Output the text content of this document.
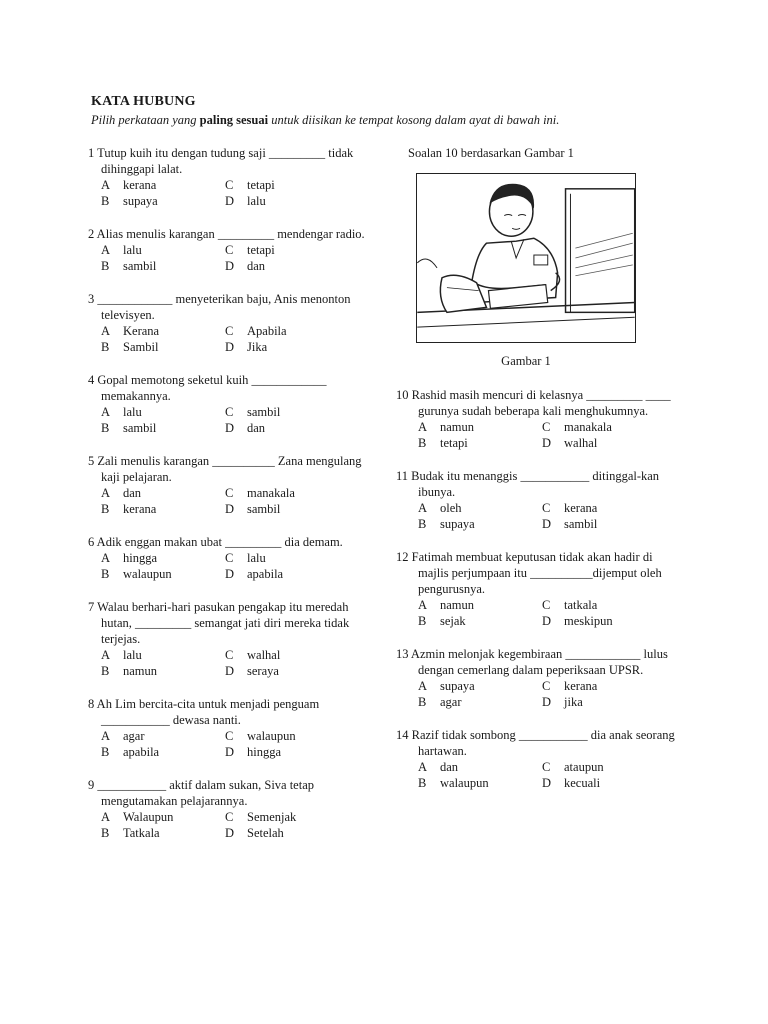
KATA HUBUNG
Pilih perkataan yang paling sesuai untuk diisikan ke tempat kosong dalam ayat di bawah ini.
1 Tutup kuih itu dengan tudung saji _________ tidak dihinggapi lalat.
A kerana	C tetapi
B supaya	D lalu
2 Alias menulis karangan _________ mendengar radio.
A lalu	C tetapi
B sambil	D dan
3 ____________ menyeterikan baju, Anis menonton televisyen.
A Kerana	C Apabila
B Sambil	D Jika
4 Gopal memotong seketul kuih ____________ memakannya.
A lalu	C sambil
B sambil	D dan
5 Zali menulis karangan __________ Zana mengulang kaji pelajaran.
A dan	C manakala
B kerana	D sambil
6 Adik enggan makan ubat _________ dia demam.
A hingga	C lalu
B walaupun	D apabila
7 Walau berhari-hari pasukan pengakap itu meredah hutan, _________ semangat jati diri mereka tidak terjejas.
A lalu	C walhal
B namun	D seraya
8 Ah Lim bercita-cita untuk menjadi penguam ___________ dewasa nanti.
A agar	C walaupun
B apabila	D hingga
9 ___________ aktif dalam sukan, Siva tetap mengutamakan pelajarannya.
A Walaupun	C Semenjak
B Tatkala	D Setelah
Soalan 10 berdasarkan Gambar 1
Gambar 1
10 Rashid masih mencuri di kelasnya _________ ____ gurunya sudah beberapa kali menghukumnya.
A namun	C manakala
B tetapi	D walhal
11 Budak itu menanggis ___________ ditinggal-kan ibunya.
A oleh	C kerana
B supaya	D sambil
12 Fatimah membuat keputusan tidak akan hadir di majlis perjumpaan itu __________dijemput oleh pengurusnya.
A namun	C tatkala
B sejak	D meskipun
13 Azmin melonjak kegembiraan ____________ lulus dengan cemerlang dalam peperiksaan UPSR.
A supaya	C kerana
B agar	D jika
14 Razif tidak sombong ___________ dia anak seorang hartawan.
A dan	C ataupun
B walaupun	D kecuali
